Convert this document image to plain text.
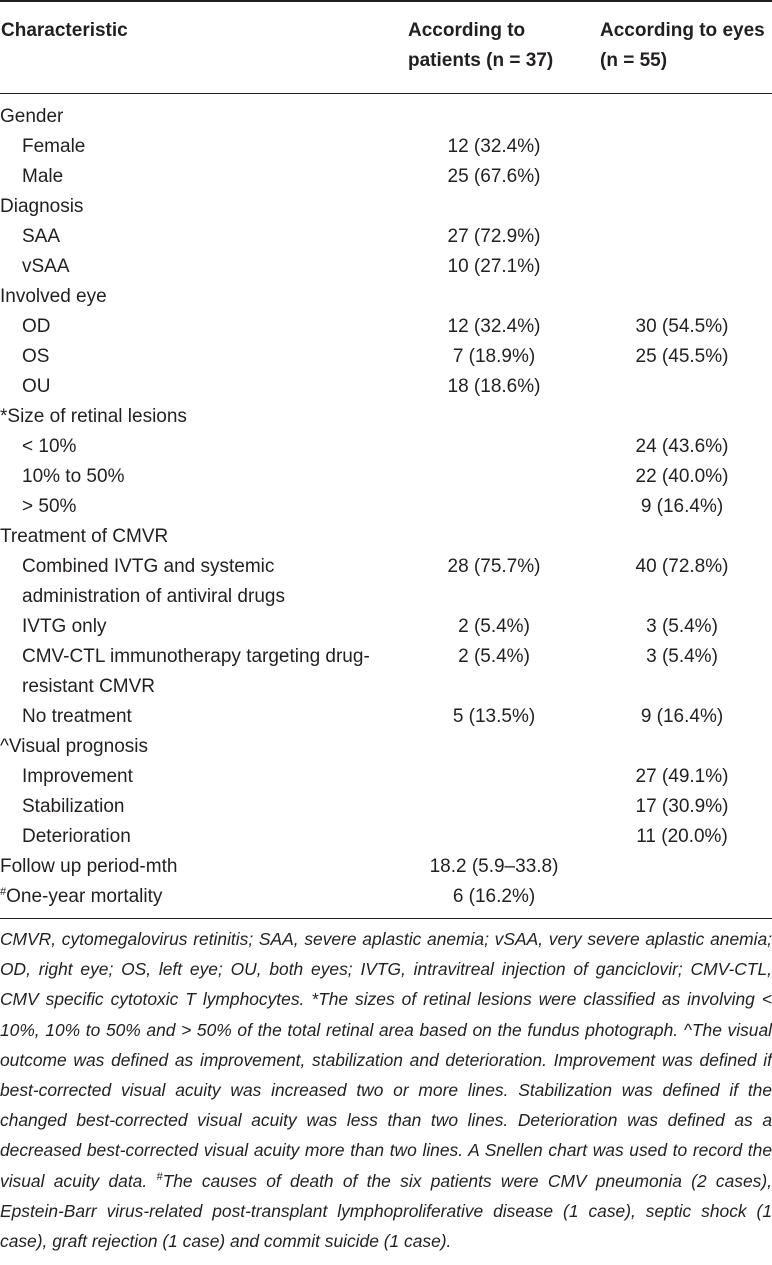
Characteristic	According to patients (n = 37)	According to eyes (n = 55)

Gender		
Female	12 (32.4%)	
Male	25 (67.6%)	
Diagnosis		
SAA	27 (72.9%)	
vSAA	10 (27.1%)	
Involved eye		
OD	12 (32.4%)	30 (54.5%)
OS	7 (18.9%)	25 (45.5%)
OU	18 (18.6%)	
*Size of retinal lesions		
< 10%		24 (43.6%)
10% to 50%		22 (40.0%)
> 50%		9 (16.4%)
Treatment of CMVR		
Combined IVTG and systemic administration of antiviral drugs	28 (75.7%)	40 (72.8%)
IVTG only	2 (5.4%)	3 (5.4%)
CMV-CTL immunotherapy targeting drug-resistant CMVR	2 (5.4%)	3 (5.4%)
No treatment	5 (13.5%)	9 (16.4%)
^Visual prognosis		
Improvement		27 (49.1%)
Stabilization		17 (30.9%)
Deterioration		11 (20.0%)
Follow up period-mth	18.2 (5.9–33.8)	
#One-year mortality	6 (16.2%)	
CMVR, cytomegalovirus retinitis; SAA, severe aplastic anemia; vSAA, very severe aplastic anemia; OD, right eye; OS, left eye; OU, both eyes; IVTG, intravitreal injection of ganciclovir; CMV-CTL, CMV specific cytotoxic T lymphocytes. *The sizes of retinal lesions were classified as involving < 10%, 10% to 50% and > 50% of the total retinal area based on the fundus photograph. ^The visual outcome was defined as improvement, stabilization and deterioration. Improvement was defined if best-corrected visual acuity was increased two or more lines. Stabilization was defined if the changed best-corrected visual acuity was less than two lines. Deterioration was defined as a decreased best-corrected visual acuity more than two lines. A Snellen chart was used to record the visual acuity data. #The causes of death of the six patients were CMV pneumonia (2 cases), Epstein-Barr virus-related post-transplant lymphoproliferative disease (1 case), septic shock (1 case), graft rejection (1 case) and commit suicide (1 case).
